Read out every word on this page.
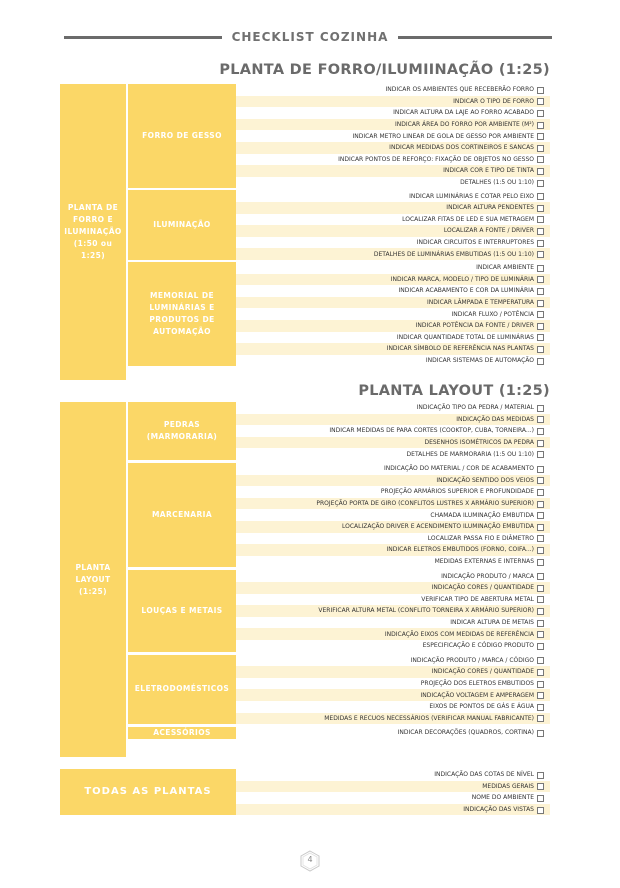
CHECKLIST COZINHA
PLANTA DE FORRO/ILUMIINAÇÃO (1:25)
PLANTA DE FORRO E ILUMINAÇÃO (1:50 ou 1:25)
FORRO DE GESSO
INDICAR OS AMBIENTES QUE RECEBERÃO FORRO
INDICAR O TIPO DE FORRO
INDICAR ALTURA DA LAJE AO FORRO ACABADO
INDICAR ÁREA DO FORRO POR AMBIENTE (M²)
INDICAR METRO LINEAR DE GOLA DE GESSO POR AMBIENTE
INDICAR MEDIDAS DOS CORTINEIROS E SANCAS
INDICAR PONTOS DE REFORÇO: FIXAÇÃO DE OBJETOS NO GESSO
INDICAR COR E TIPO DE TINTA
DETALHES (1:5 OU 1:10)
ILUMINAÇÃO
INDICAR LUMINÁRIAS E COTAR PELO EIXO
INDICAR ALTURA PENDENTES
LOCALIZAR FITAS DE LED E SUA METRAGEM
LOCALIZAR A FONTE / DRIVER
INDICAR CIRCUITOS E INTERRUPTORES
DETALHES DE LUMINÁRIAS EMBUTIDAS (1:5 OU 1:10)
MEMORIAL DE LUMINÁRIAS E PRODUTOS DE AUTOMAÇÃO
INDICAR AMBIENTE
INDICAR MARCA, MODELO / TIPO DE LUMINÁRIA
INDICAR ACABAMENTO E COR DA LUMINÁRIA
INDICAR LÂMPADA E TEMPERATURA
INDICAR FLUXO / POTÊNCIA
INDICAR POTÊNCIA DA FONTE / DRIVER
INDICAR QUANTIDADE TOTAL DE LUMINÁRIAS
INDICAR SÍMBOLO DE REFERÊNCIA NAS PLANTAS
INDICAR SISTEMAS DE AUTOMAÇÃO
PLANTA LAYOUT (1:25)
PLANTA LAYOUT (1:25)
PEDRAS (MARMORARIA)
INDICAÇÃO TIPO DA PEDRA / MATERIAL
INDICAÇÃO DAS MEDIDAS
INDICAR MEDIDAS DE PARA CORTES (COOKTOP, CUBA, TORNEIRA...)
DESENHOS ISOMÉTRICOS DA PEDRA
DETALHES DE MARMORARIA (1:5 OU 1:10)
MARCENARIA
INDICAÇÃO DO MATERIAL / COR DE ACABAMENTO
INDICAÇÃO SENTIDO DOS VEIOS
PROJEÇÃO ARMÁRIOS SUPERIOR E PROFUNDIDADE
PROJEÇÃO PORTA DE GIRO (CONFLITOS LUSTRES X ARMÁRIO SUPERIOR)
CHAMADA ILUMINAÇÃO EMBUTIDA
LOCALIZAÇÃO DRIVER E ACENDIMENTO ILUMINAÇÃO EMBUTIDA
LOCALIZAR PASSA FIO E DIÂMETRO
INDICAR ELETROS EMBUTIDOS (FORNO, COIFA...)
MEDIDAS EXTERNAS E INTERNAS
LOUÇAS E METAIS
INDICAÇÃO PRODUTO / MARCA
INDICAÇÃO CORES / QUANTIDADE
VERIFICAR TIPO DE ABERTURA METAL
VERIFICAR ALTURA METAL (CONFLITO TORNEIRA X ARMÁRIO SUPERIOR)
INDICAR ALTURA DE METAIS
INDICAÇÃO EIXOS COM MEDIDAS DE REFERÊNCIA
ESPECIFICAÇÃO E CÓDIGO PRODUTO
ELETRODOMÉSTICOS
INDICAÇÃO PRODUTO / MARCA / CÓDIGO
INDICAÇÃO CORES / QUANTIDADE
PROJEÇÃO DOS ELETROS EMBUTIDOS
INDICAÇÃO VOLTAGEM E AMPERAGEM
EIXOS DE PONTOS DE GÁS E ÁGUA
MEDIDAS E RECUOS NECESSÁRIOS (VERIFICAR MANUAL FABRICANTE)
ACESSÓRIOS	INDICAR DECORAÇÕES (QUADROS, CORTINA)
TODAS AS PLANTAS
INDICAÇÃO DAS COTAS DE NÍVEL
MEDIDAS GERAIS
NOME DO AMBIENTE
INDICAÇÃO DAS VISTAS
4
